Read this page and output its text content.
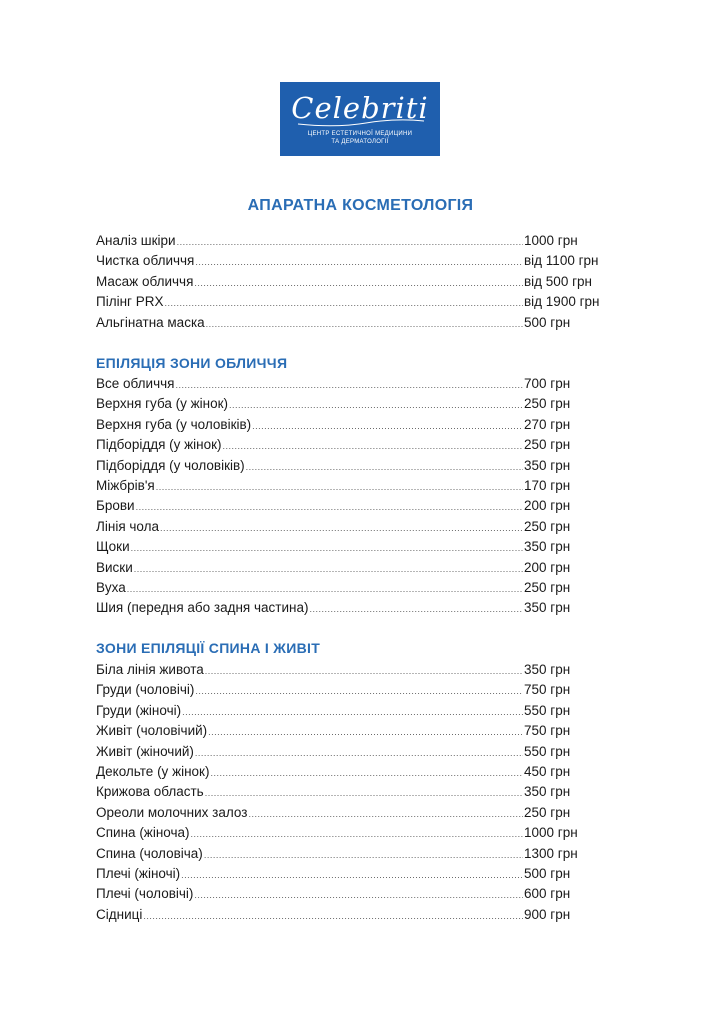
Celebriti
ЦЕНТР ЕСТЕТИЧНОЇ МЕДИЦИНИ
ТА ДЕРМАТОЛОГІЇ
АПАРАТНА КОСМЕТОЛОГІЯ
Аналіз шкіри .....	1000 грн
Чистка обличчя .....	від 1100 грн
Масаж обличчя .....	від 500 грн
Пілінг PRX .....	від 1900 грн
Альгінатна маска .....	500 грн
ЕПІЛЯЦІЯ ЗОНИ ОБЛИЧЧЯ
Все обличчя .....	700 грн
Верхня губа (у жінок) .....	250 грн
Верхня губа (у чоловіків) .....	270 грн
Підборіддя (у жінок) .....	250 грн
Підборіддя (у чоловіків) .....	350 грн
Міжбрів'я .....	170 грн
Брови .....	200 грн
Лінія чола .....	250 грн
Щоки .....	350 грн
Виски .....	200 грн
Вуха .....	250 грн
Шия (передня або задня частина) .....	350 грн
ЗОНИ ЕПІЛЯЦІЇ СПИНА І ЖИВІТ
Біла лінія живота .....	350 грн
Груди (чоловічі) .....	750 грн
Груди (жіночі) .....	550 грн
Живіт (чоловічий) .....	750 грн
Живіт (жіночий) .....	550 грн
Декольте (у жінок) .....	450 грн
Крижова область .....	350 грн
Ореоли молочних залоз .....	250 грн
Спина (жіноча) .....	1000 грн
Спина (чоловіча) .....	1300 грн
Плечі (жіночі) .....	500 грн
Плечі (чоловічі) .....	600 грн
Сідниці .....	900 грн
